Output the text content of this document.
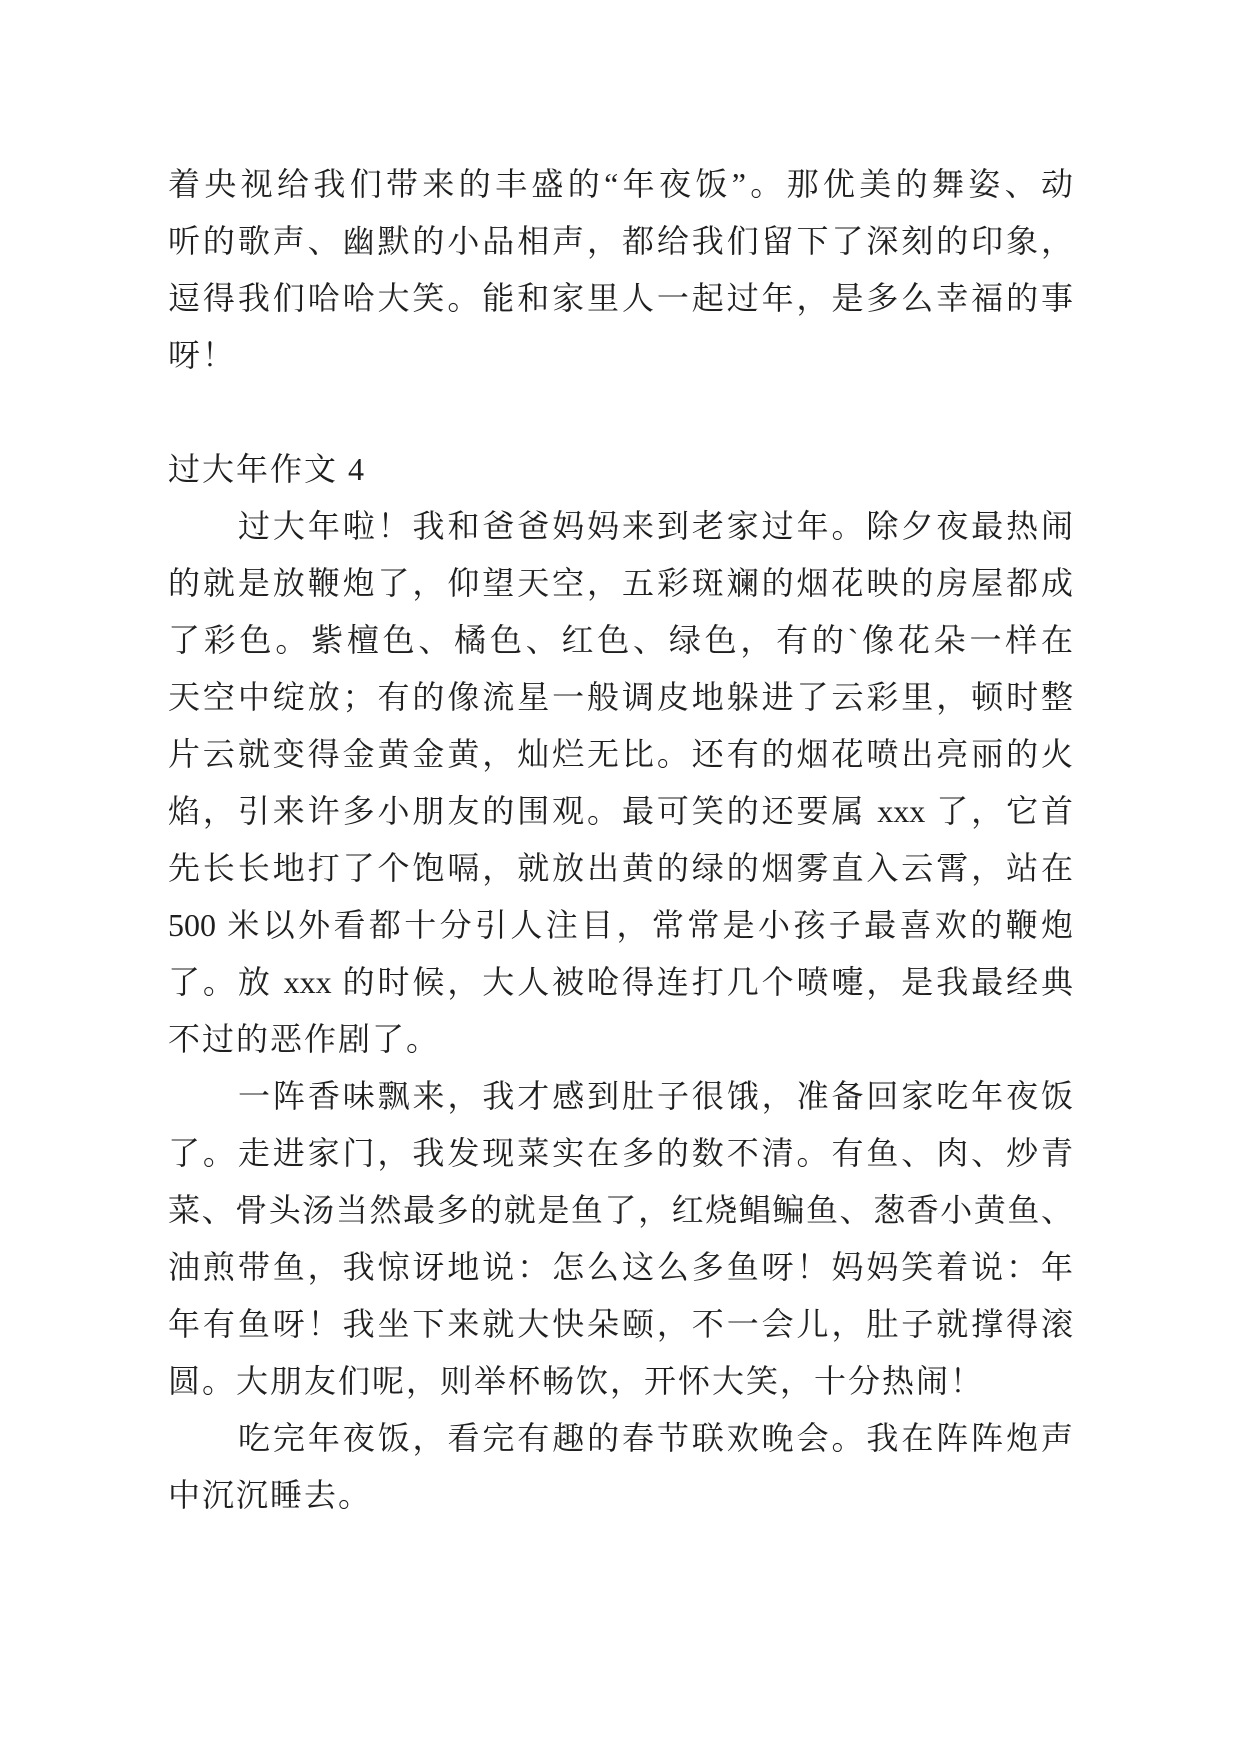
着央视给我们带来的丰盛的“年夜饭”。那优美的舞姿、动
听的歌声、幽默的小品相声，都给我们留下了深刻的印象，
逗得我们哈哈大笑。能和家里人一起过年，是多么幸福的事
呀！
过大年作文 4
过大年啦！我和爸爸妈妈来到老家过年。除夕夜最热闹
的就是放鞭炮了，仰望天空，五彩斑斓的烟花映的房屋都成
了彩色。紫檀色、橘色、红色、绿色，有的`像花朵一样在
天空中绽放；有的像流星一般调皮地躲进了云彩里，顿时整
片云就变得金黄金黄，灿烂无比。还有的烟花喷出亮丽的火
焰，引来许多小朋友的围观。最可笑的还要属 xxx 了，它首
先长长地打了个饱嗝，就放出黄的绿的烟雾直入云霄，站在
500 米以外看都十分引人注目，常常是小孩子最喜欢的鞭炮
了。放 xxx 的时候，大人被呛得连打几个喷嚏，是我最经典
不过的恶作剧了。
一阵香味飘来，我才感到肚子很饿，准备回家吃年夜饭
了。走进家门，我发现菜实在多的数不清。有鱼、肉、炒青
菜、骨头汤当然最多的就是鱼了，红烧鲳鳊鱼、葱香小黄鱼、
油煎带鱼，我惊讶地说：怎么这么多鱼呀！妈妈笑着说：年
年有鱼呀！我坐下来就大快朵颐，不一会儿，肚子就撑得滚
圆。大朋友们呢，则举杯畅饮，开怀大笑，十分热闹！
吃完年夜饭，看完有趣的春节联欢晚会。我在阵阵炮声
中沉沉睡去。
